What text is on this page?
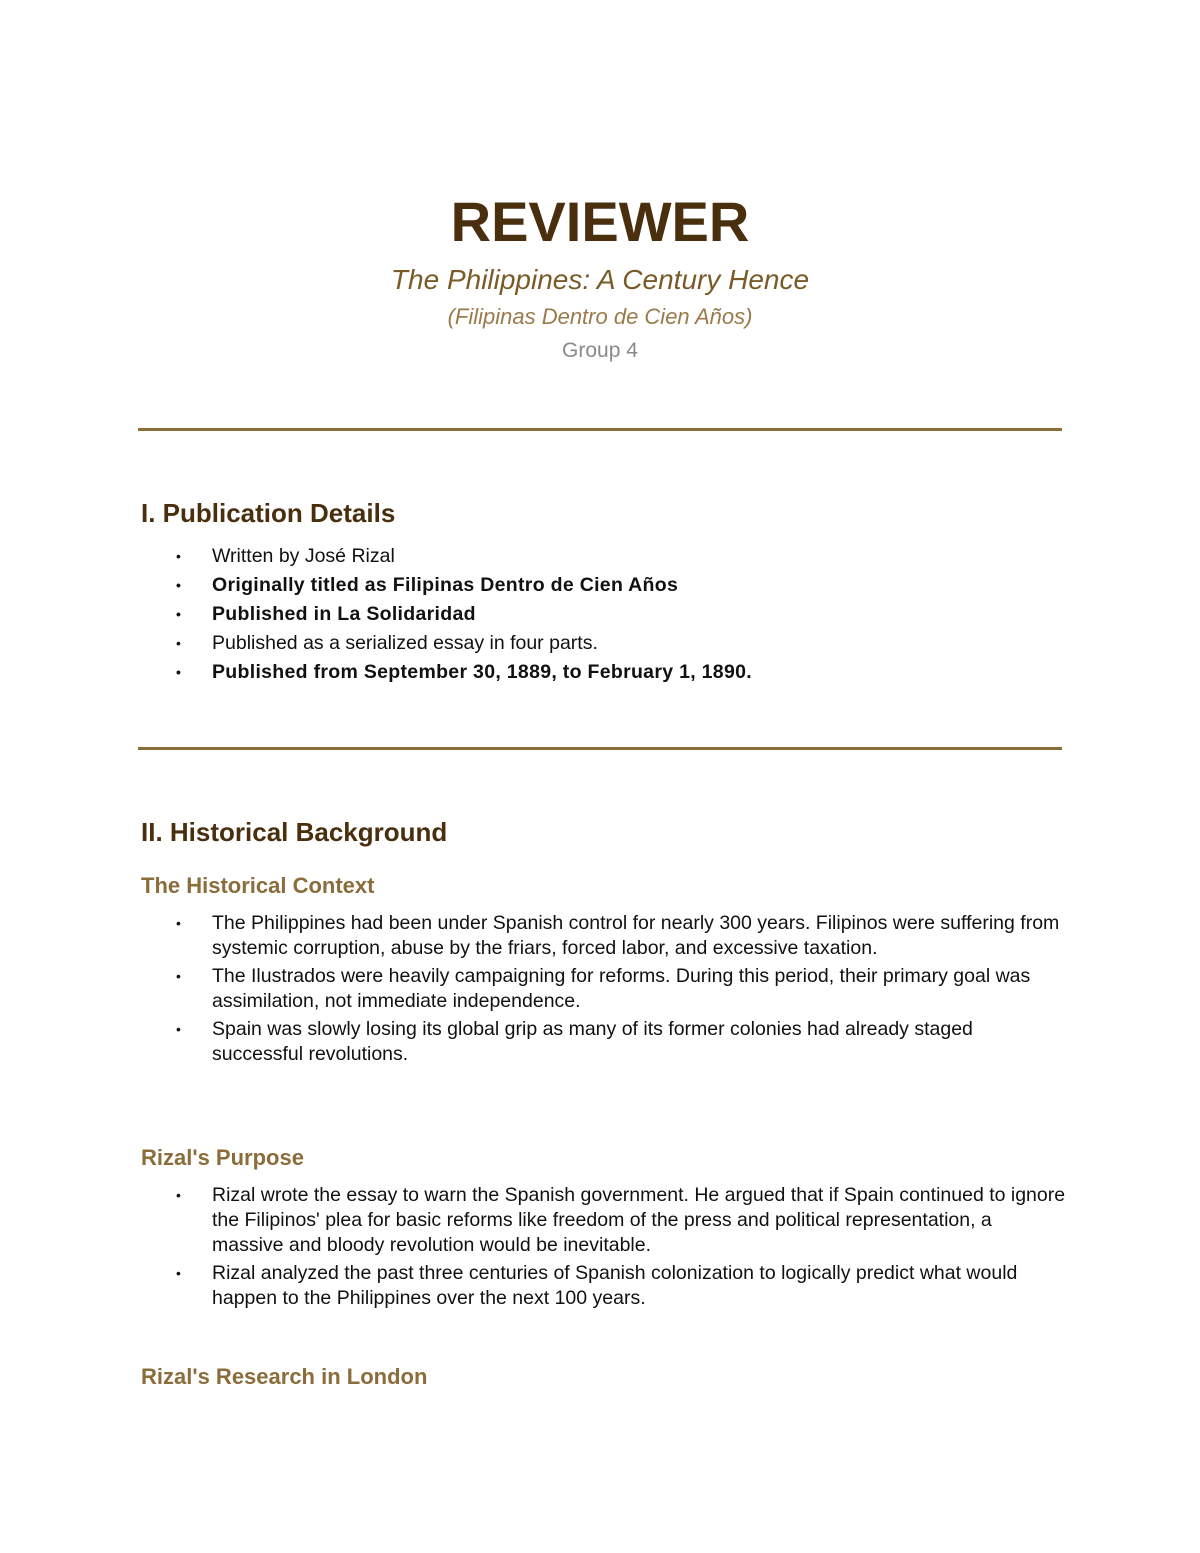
REVIEWER
The Philippines: A Century Hence
(Filipinas Dentro de Cien Años)
Group 4
I. Publication Details
•	Written by José Rizal
•	Originally titled as Filipinas Dentro de Cien Años
•	Published in La Solidaridad
•	Published as a serialized essay in four parts.
•	Published from September 30, 1889, to February 1, 1890.
II. Historical Background
The Historical Context
•	The Philippines had been under Spanish control for nearly 300 years. Filipinos were suffering from systemic corruption, abuse by the friars, forced labor, and excessive taxation.
•	The Ilustrados were heavily campaigning for reforms. During this period, their primary goal was assimilation, not immediate independence.
•	Spain was slowly losing its global grip as many of its former colonies had already staged successful revolutions.
Rizal's Purpose
•	Rizal wrote the essay to warn the Spanish government. He argued that if Spain continued to ignore the Filipinos' plea for basic reforms like freedom of the press and political representation, a massive and bloody revolution would be inevitable.
•	Rizal analyzed the past three centuries of Spanish colonization to logically predict what would happen to the Philippines over the next 100 years.
Rizal's Research in London
